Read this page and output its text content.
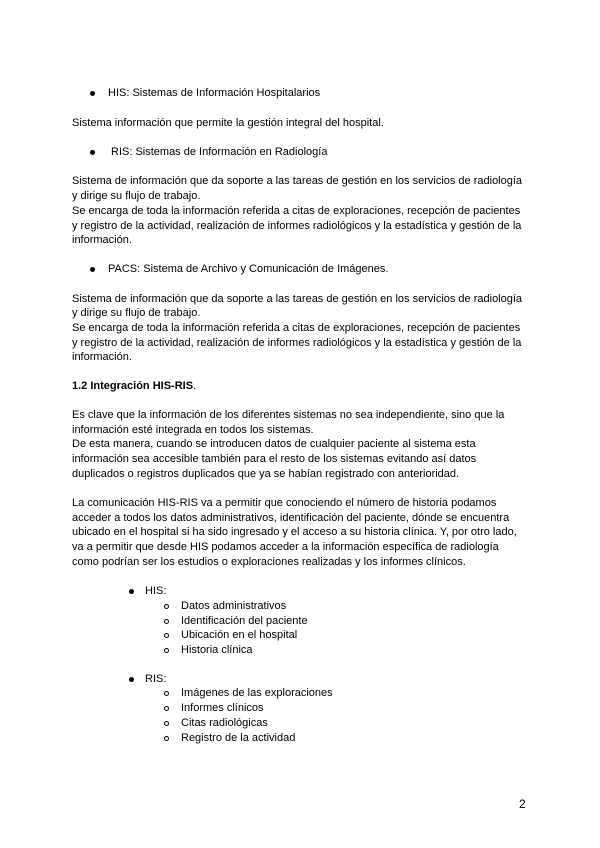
HIS: Sistemas de Información Hospitalarios
Sistema información que permite la gestión integral del hospital.
RIS: Sistemas de Información en Radiología
Sistema de información que da soporte a las tareas de gestión en los servicios de radiología
y dirige su flujo de trabajo.
Se encarga de toda la información referida a citas de exploraciones, recepción de pacientes
y registro de la actividad, realización de informes radiológicos y la estadística y gestión de la
información.
PACS: Sistema de Archivo y Comunicación de Imágenes.
Sistema de información que da soporte a las tareas de gestión en los servicios de radiología
y dirige su flujo de trabajo.
Se encarga de toda la información referida a citas de exploraciones, recepción de pacientes
y registro de la actividad, realización de informes radiológicos y la estadística y gestión de la
información.
1.2 Integración HIS-RIS.
Es clave que la información de los diferentes sistemas no sea independiente, sino que la
información esté integrada en todos los sistemas.
De esta manera, cuando se introducen datos de cualquier paciente al sistema esta
información sea accesible también para el resto de los sistemas evitando así datos
duplicados o registros duplicados que ya se habían registrado con anterioridad.
La comunicación HIS-RIS va a permitir que conociendo el número de historia podamos
acceder a todos los datos administrativos, identificación del paciente, dónde se encuentra
ubicado en el hospital si ha sido ingresado y el acceso a su historia clínica. Y, por otro lado,
va a permitir que desde HIS podamos acceder a la información específica de radiología
como podrían ser los estudios o exploraciones realizadas y los informes clínicos.
HIS:
Datos administrativos
Identificación del paciente
Ubicación en el hospital
Historia clínica
RIS:
Imágenes de las exploraciones
Informes clínicos
Citas radiológicas
Registro de la actividad
2
